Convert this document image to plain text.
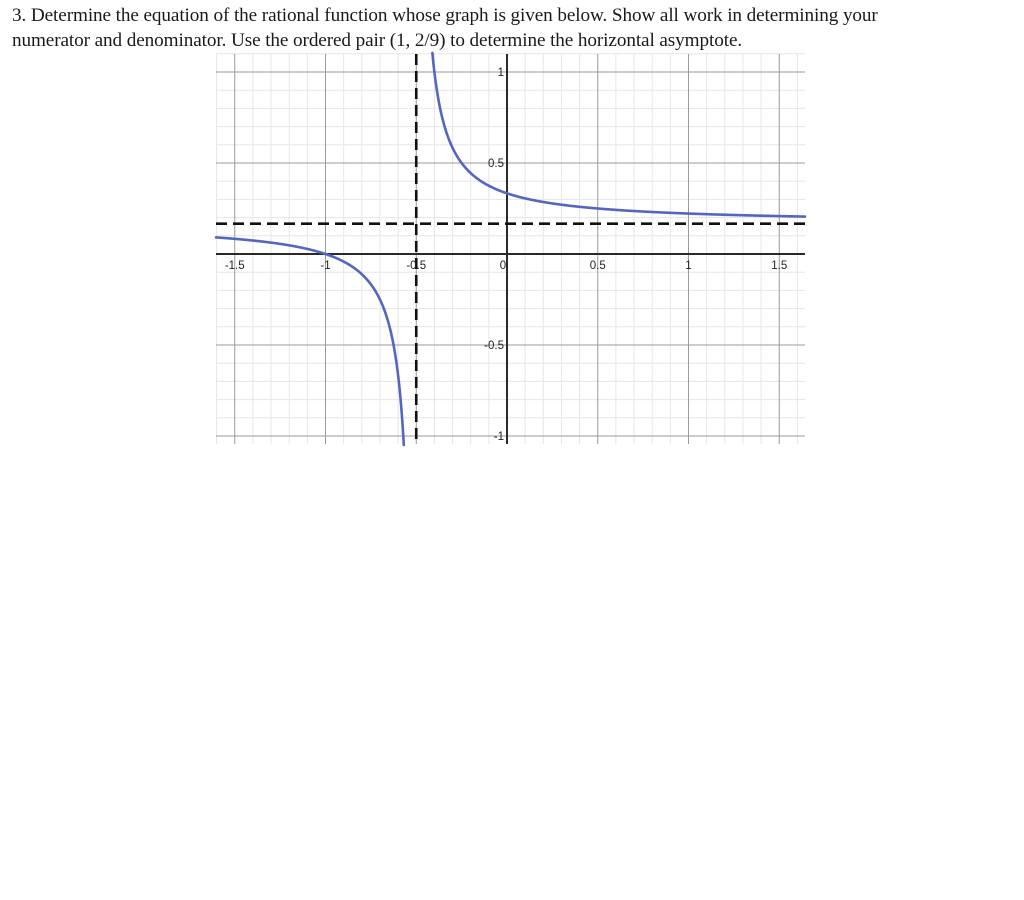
3. Determine the equation of the rational function whose graph is given below. Show all work in determining your

numerator and denominator. Use the ordered pair (1, 2/9) to determine the horizontal asymptote.

-1.5	-1	-0.5	0	0.5	1	1.5
1
0.5
-0.5
-1
